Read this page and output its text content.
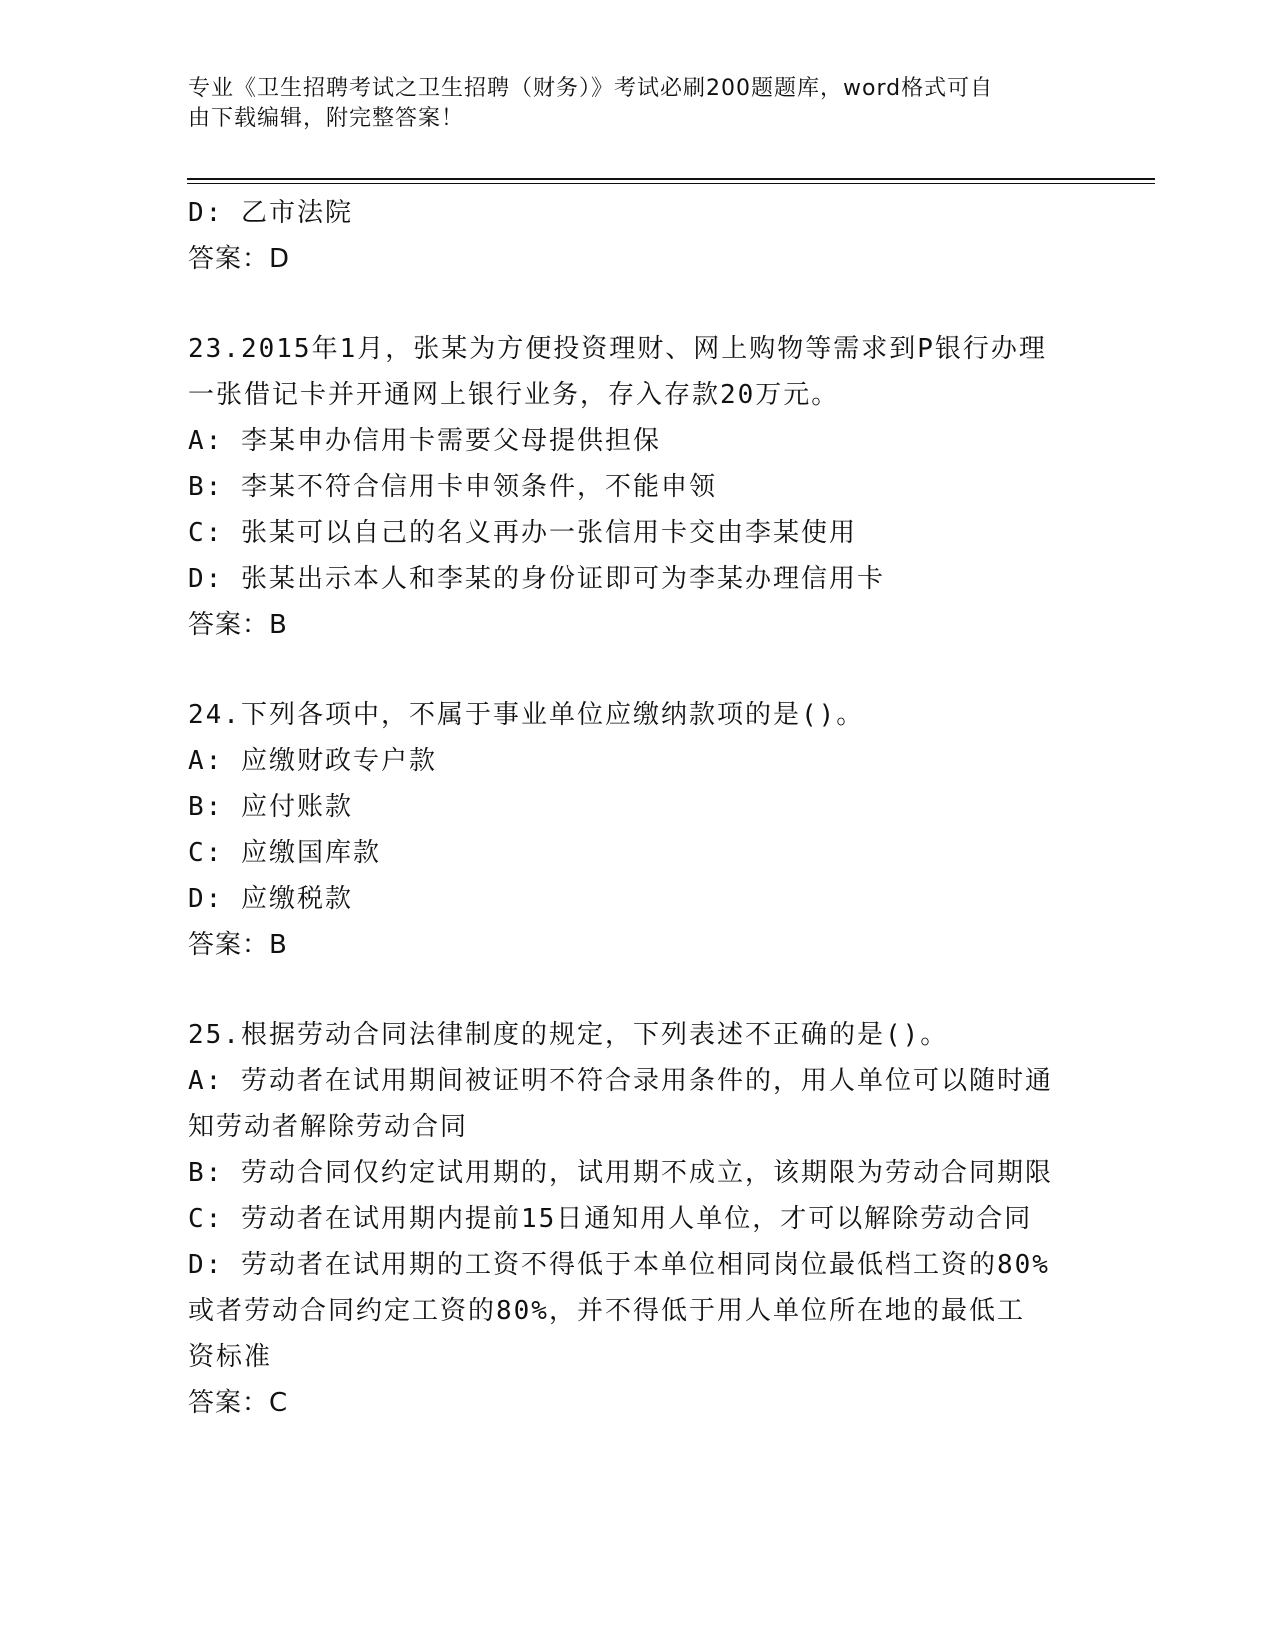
专业《卫生招聘考试之卫生招聘（财务）》考试必刷200题题库，word格式可自
由下载编辑，附完整答案！

D: 乙市法院

答案：D

23.2015年1月，张某为方便投资理财、网上购物等需求到P银行办理

一张借记卡并开通网上银行业务，存入存款20万元。

A: 李某申办信用卡需要父母提供担保

B: 李某不符合信用卡申领条件，不能申领

C: 张某可以自己的名义再办一张信用卡交由李某使用

D: 张某出示本人和李某的身份证即可为李某办理信用卡

答案：B

24.下列各项中，不属于事业单位应缴纳款项的是()。

A: 应缴财政专户款

B: 应付账款

C: 应缴国库款

D: 应缴税款

答案：B

25.根据劳动合同法律制度的规定，下列表述不正确的是()。

A: 劳动者在试用期间被证明不符合录用条件的，用人单位可以随时通

知劳动者解除劳动合同

B: 劳动合同仅约定试用期的，试用期不成立，该期限为劳动合同期限

C: 劳动者在试用期内提前15日通知用人单位，才可以解除劳动合同

D: 劳动者在试用期的工资不得低于本单位相同岗位最低档工资的80%

或者劳动合同约定工资的80%，并不得低于用人单位所在地的最低工

资标准

答案：C
